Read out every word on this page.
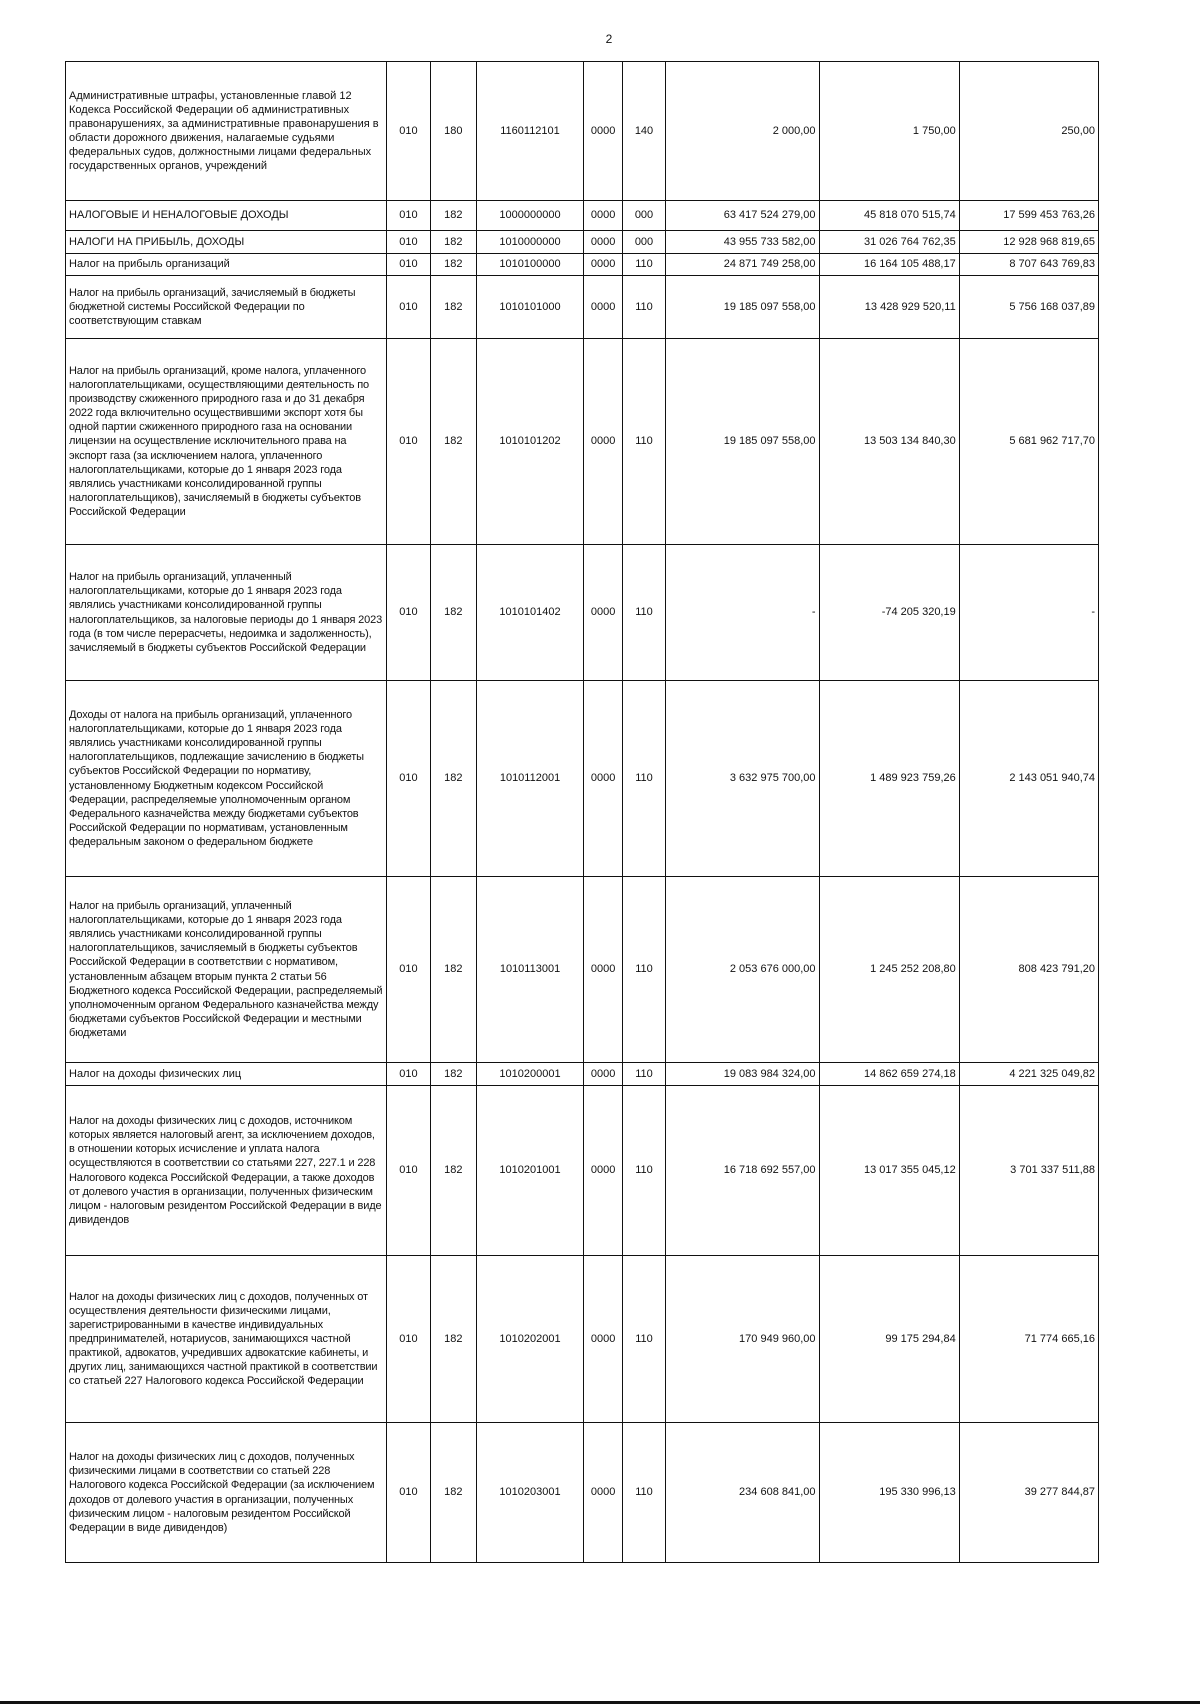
2
Административные штрафы, установленные главой 12 Кодекса Российской Федерации об административных правонарушениях, за административные правонарушения в области дорожного движения, налагаемые судьями федеральных судов, должностными лицами федеральных государственных органов, учреждений	010	180	1160112101	0000	140	2 000,00	1 750,00	250,00
НАЛОГОВЫЕ И НЕНАЛОГОВЫЕ ДОХОДЫ	010	182	1000000000	0000	000	63 417 524 279,00	45 818 070 515,74	17 599 453 763,26
НАЛОГИ НА ПРИБЫЛЬ, ДОХОДЫ	010	182	1010000000	0000	000	43 955 733 582,00	31 026 764 762,35	12 928 968 819,65
Налог на прибыль организаций	010	182	1010100000	0000	110	24 871 749 258,00	16 164 105 488,17	8 707 643 769,83
Налог на прибыль организаций, зачисляемый в бюджеты бюджетной системы Российской Федерации по соответствующим ставкам	010	182	1010101000	0000	110	19 185 097 558,00	13 428 929 520,11	5 756 168 037,89
Налог на прибыль организаций, кроме налога, уплаченного налогоплательщиками, осуществляющими деятельность по производству сжиженного природного газа и до 31 декабря 2022 года включительно осуществившими экспорт хотя бы одной партии сжиженного природного газа на основании лицензии на осуществление исключительного права на экспорт газа (за исключением налога, уплаченного налогоплательщиками, которые до 1 января 2023 года являлись участниками консолидированной группы налогоплательщиков), зачисляемый в бюджеты субъектов Российской Федерации	010	182	1010101202	0000	110	19 185 097 558,00	13 503 134 840,30	5 681 962 717,70
Налог на прибыль организаций, уплаченный налогоплательщиками, которые до 1 января 2023 года являлись участниками консолидированной группы налогоплательщиков, за налоговые периоды до 1 января 2023 года (в том числе перерасчеты, недоимка и задолженность), зачисляемый в бюджеты субъектов Российской Федерации	010	182	1010101402	0000	110	-	-74 205 320,19	-
Доходы от налога на прибыль организаций, уплаченного налогоплательщиками, которые до 1 января 2023 года являлись участниками консолидированной группы налогоплательщиков, подлежащие зачислению в бюджеты субъектов Российской Федерации по нормативу, установленному Бюджетным кодексом Российской Федерации, распределяемые уполномоченным органом Федерального казначейства между бюджетами субъектов Российской Федерации по нормативам, установленным федеральным законом о федеральном бюджете	010	182	1010112001	0000	110	3 632 975 700,00	1 489 923 759,26	2 143 051 940,74
Налог на прибыль организаций, уплаченный налогоплательщиками, которые до 1 января 2023 года являлись участниками консолидированной группы налогоплательщиков, зачисляемый в бюджеты субъектов Российской Федерации в соответствии с нормативом, установленным абзацем вторым пункта 2 статьи 56 Бюджетного кодекса Российской Федерации, распределяемый уполномоченным органом Федерального казначейства между бюджетами субъектов Российской Федерации и местными бюджетами	010	182	1010113001	0000	110	2 053 676 000,00	1 245 252 208,80	808 423 791,20
Налог на доходы физических лиц	010	182	1010200001	0000	110	19 083 984 324,00	14 862 659 274,18	4 221 325 049,82
Налог на доходы физических лиц с доходов, источником которых является налоговый агент, за исключением доходов, в отношении которых исчисление и уплата налога осуществляются в соответствии со статьями 227, 227.1 и 228 Налогового кодекса Российской Федерации, а также доходов от долевого участия в организации, полученных физическим лицом - налоговым резидентом Российской Федерации в виде дивидендов	010	182	1010201001	0000	110	16 718 692 557,00	13 017 355 045,12	3 701 337 511,88
Налог на доходы физических лиц с доходов, полученных от осуществления деятельности физическими лицами, зарегистрированными в качестве индивидуальных предпринимателей, нотариусов, занимающихся частной практикой, адвокатов, учредивших адвокатские кабинеты, и других лиц, занимающихся частной практикой в соответствии со статьей 227 Налогового кодекса Российской Федерации	010	182	1010202001	0000	110	170 949 960,00	99 175 294,84	71 774 665,16
Налог на доходы физических лиц с доходов, полученных физическими лицами в соответствии со статьей 228 Налогового кодекса Российской Федерации (за исключением доходов от долевого участия в организации, полученных физическим лицом - налоговым резидентом Российской Федерации в виде дивидендов)	010	182	1010203001	0000	110	234 608 841,00	195 330 996,13	39 277 844,87
